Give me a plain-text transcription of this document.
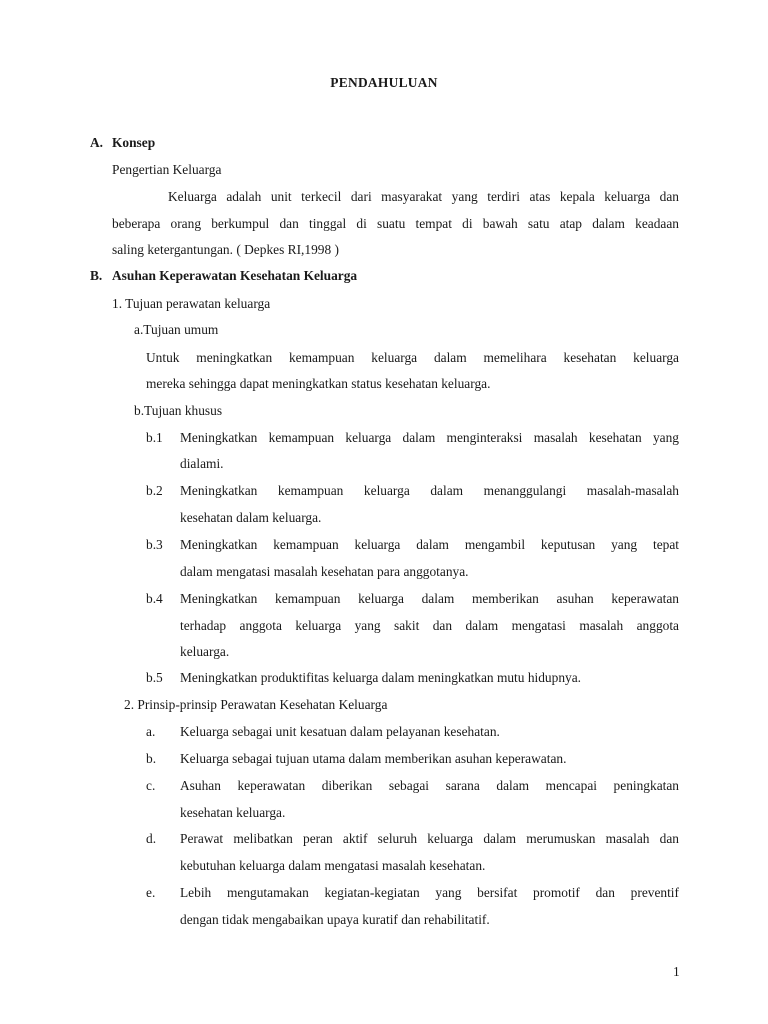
PENDAHULUAN
A. Konsep
Pengertian Keluarga
Keluarga adalah unit terkecil dari masyarakat yang terdiri atas kepala keluarga dan
beberapa orang berkumpul dan tinggal di suatu tempat di bawah satu atap dalam keadaan
saling ketergantungan. ( Depkes RI,1998 )
B. Asuhan Keperawatan Kesehatan Keluarga
1. Tujuan perawatan keluarga
a.Tujuan umum
Untuk meningkatkan kemampuan keluarga dalam memelihara kesehatan keluarga
mereka sehingga dapat meningkatkan status kesehatan keluarga.
b.Tujuan khusus
b.1 Meningkatkan kemampuan keluarga dalam menginteraksi masalah kesehatan yang
dialami.
b.2 Meningkatkan kemampuan keluarga dalam menanggulangi masalah-masalah
kesehatan dalam keluarga.
b.3 Meningkatkan kemampuan keluarga dalam mengambil keputusan yang tepat
dalam mengatasi masalah kesehatan para anggotanya.
b.4 Meningkatkan kemampuan keluarga dalam memberikan asuhan keperawatan
terhadap anggota keluarga yang sakit dan dalam mengatasi masalah anggota
keluarga.
b.5 Meningkatkan produktifitas keluarga dalam meningkatkan mutu hidupnya.
2. Prinsip-prinsip Perawatan Kesehatan Keluarga
a. Keluarga sebagai unit kesatuan dalam pelayanan kesehatan.
b. Keluarga sebagai tujuan utama dalam memberikan asuhan keperawatan.
c. Asuhan keperawatan diberikan sebagai sarana dalam mencapai peningkatan
kesehatan keluarga.
d. Perawat melibatkan peran aktif seluruh keluarga dalam merumuskan masalah dan
kebutuhan keluarga dalam mengatasi masalah kesehatan.
e. Lebih mengutamakan kegiatan-kegiatan yang bersifat promotif dan preventif
dengan tidak mengabaikan upaya kuratif dan rehabilitatif.
1
